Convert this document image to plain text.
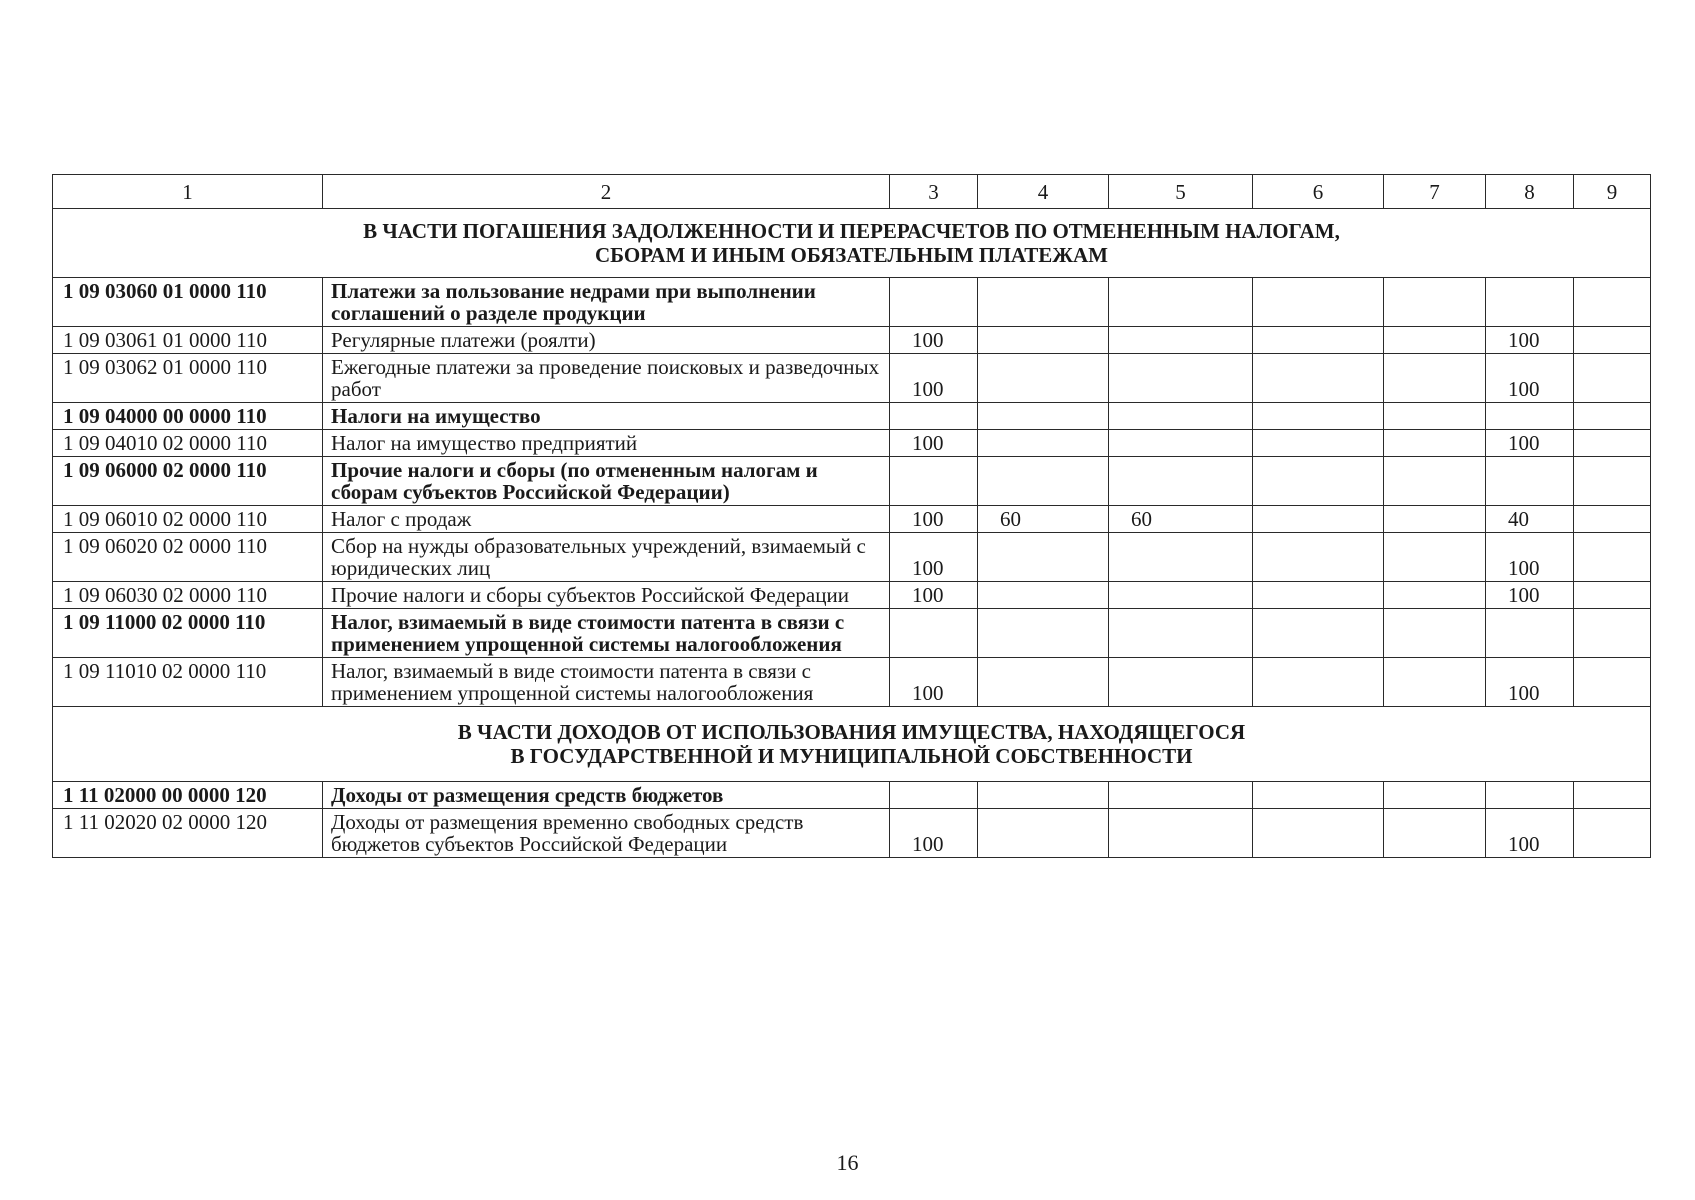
1	2	3	4	5	6	7	8	9

В ЧАСТИ ПОГАШЕНИЯ ЗАДОЛЖЕННОСТИ И ПЕРЕРАСЧЕТОВ ПО ОТМЕНЕННЫМ НАЛОГАМ,
СБОРАМ И ИНЫМ ОБЯЗАТЕЛЬНЫМ ПЛАТЕЖАМ								

1 09 03060 01 0000 110	Платежи за пользование недрами при выполнении соглашений о разделе продукции							
1 09 03061 01 0000 110	Регулярные платежи (роялти)	100					100	
1 09 03062 01 0000 110	Ежегодные платежи за проведение поисковых и разведочных работ	100					100	
1 09 04000 00 0000 110	Налоги на имущество							
1 09 04010 02 0000 110	Налог на имущество предприятий	100					100	
1 09 06000 02 0000 110	Прочие налоги и сборы (по отмененным налогам и сборам субъектов Российской Федерации)							
1 09 06010 02 0000 110	Налог с продаж	100	60	60			40	
1 09 06020 02 0000 110	Сбор на нужды образовательных учреждений, взимаемый с юридических лиц	100					100	
1 09 06030 02 0000 110	Прочие налоги и сборы субъектов Российской Федерации	100					100	
1 09 11000 02 0000 110	Налог, взимаемый в виде стоимости патента в связи с применением упрощенной системы налогообложения							
1 09 11010 02 0000 110	Налог, взимаемый в виде стоимости патента в связи с применением упрощенной системы налогообложения	100					100	

В ЧАСТИ ДОХОДОВ ОТ ИСПОЛЬЗОВАНИЯ ИМУЩЕСТВА, НАХОДЯЩЕГОСЯ
В ГОСУДАРСТВЕННОЙ И МУНИЦИПАЛЬНОЙ СОБСТВЕННОСТИ								

1 11 02000 00 0000 120	Доходы от размещения средств бюджетов							
1 11 02020 02 0000 120	Доходы от размещения временно свободных средств бюджетов субъектов Российской Федерации	100					100	
16
